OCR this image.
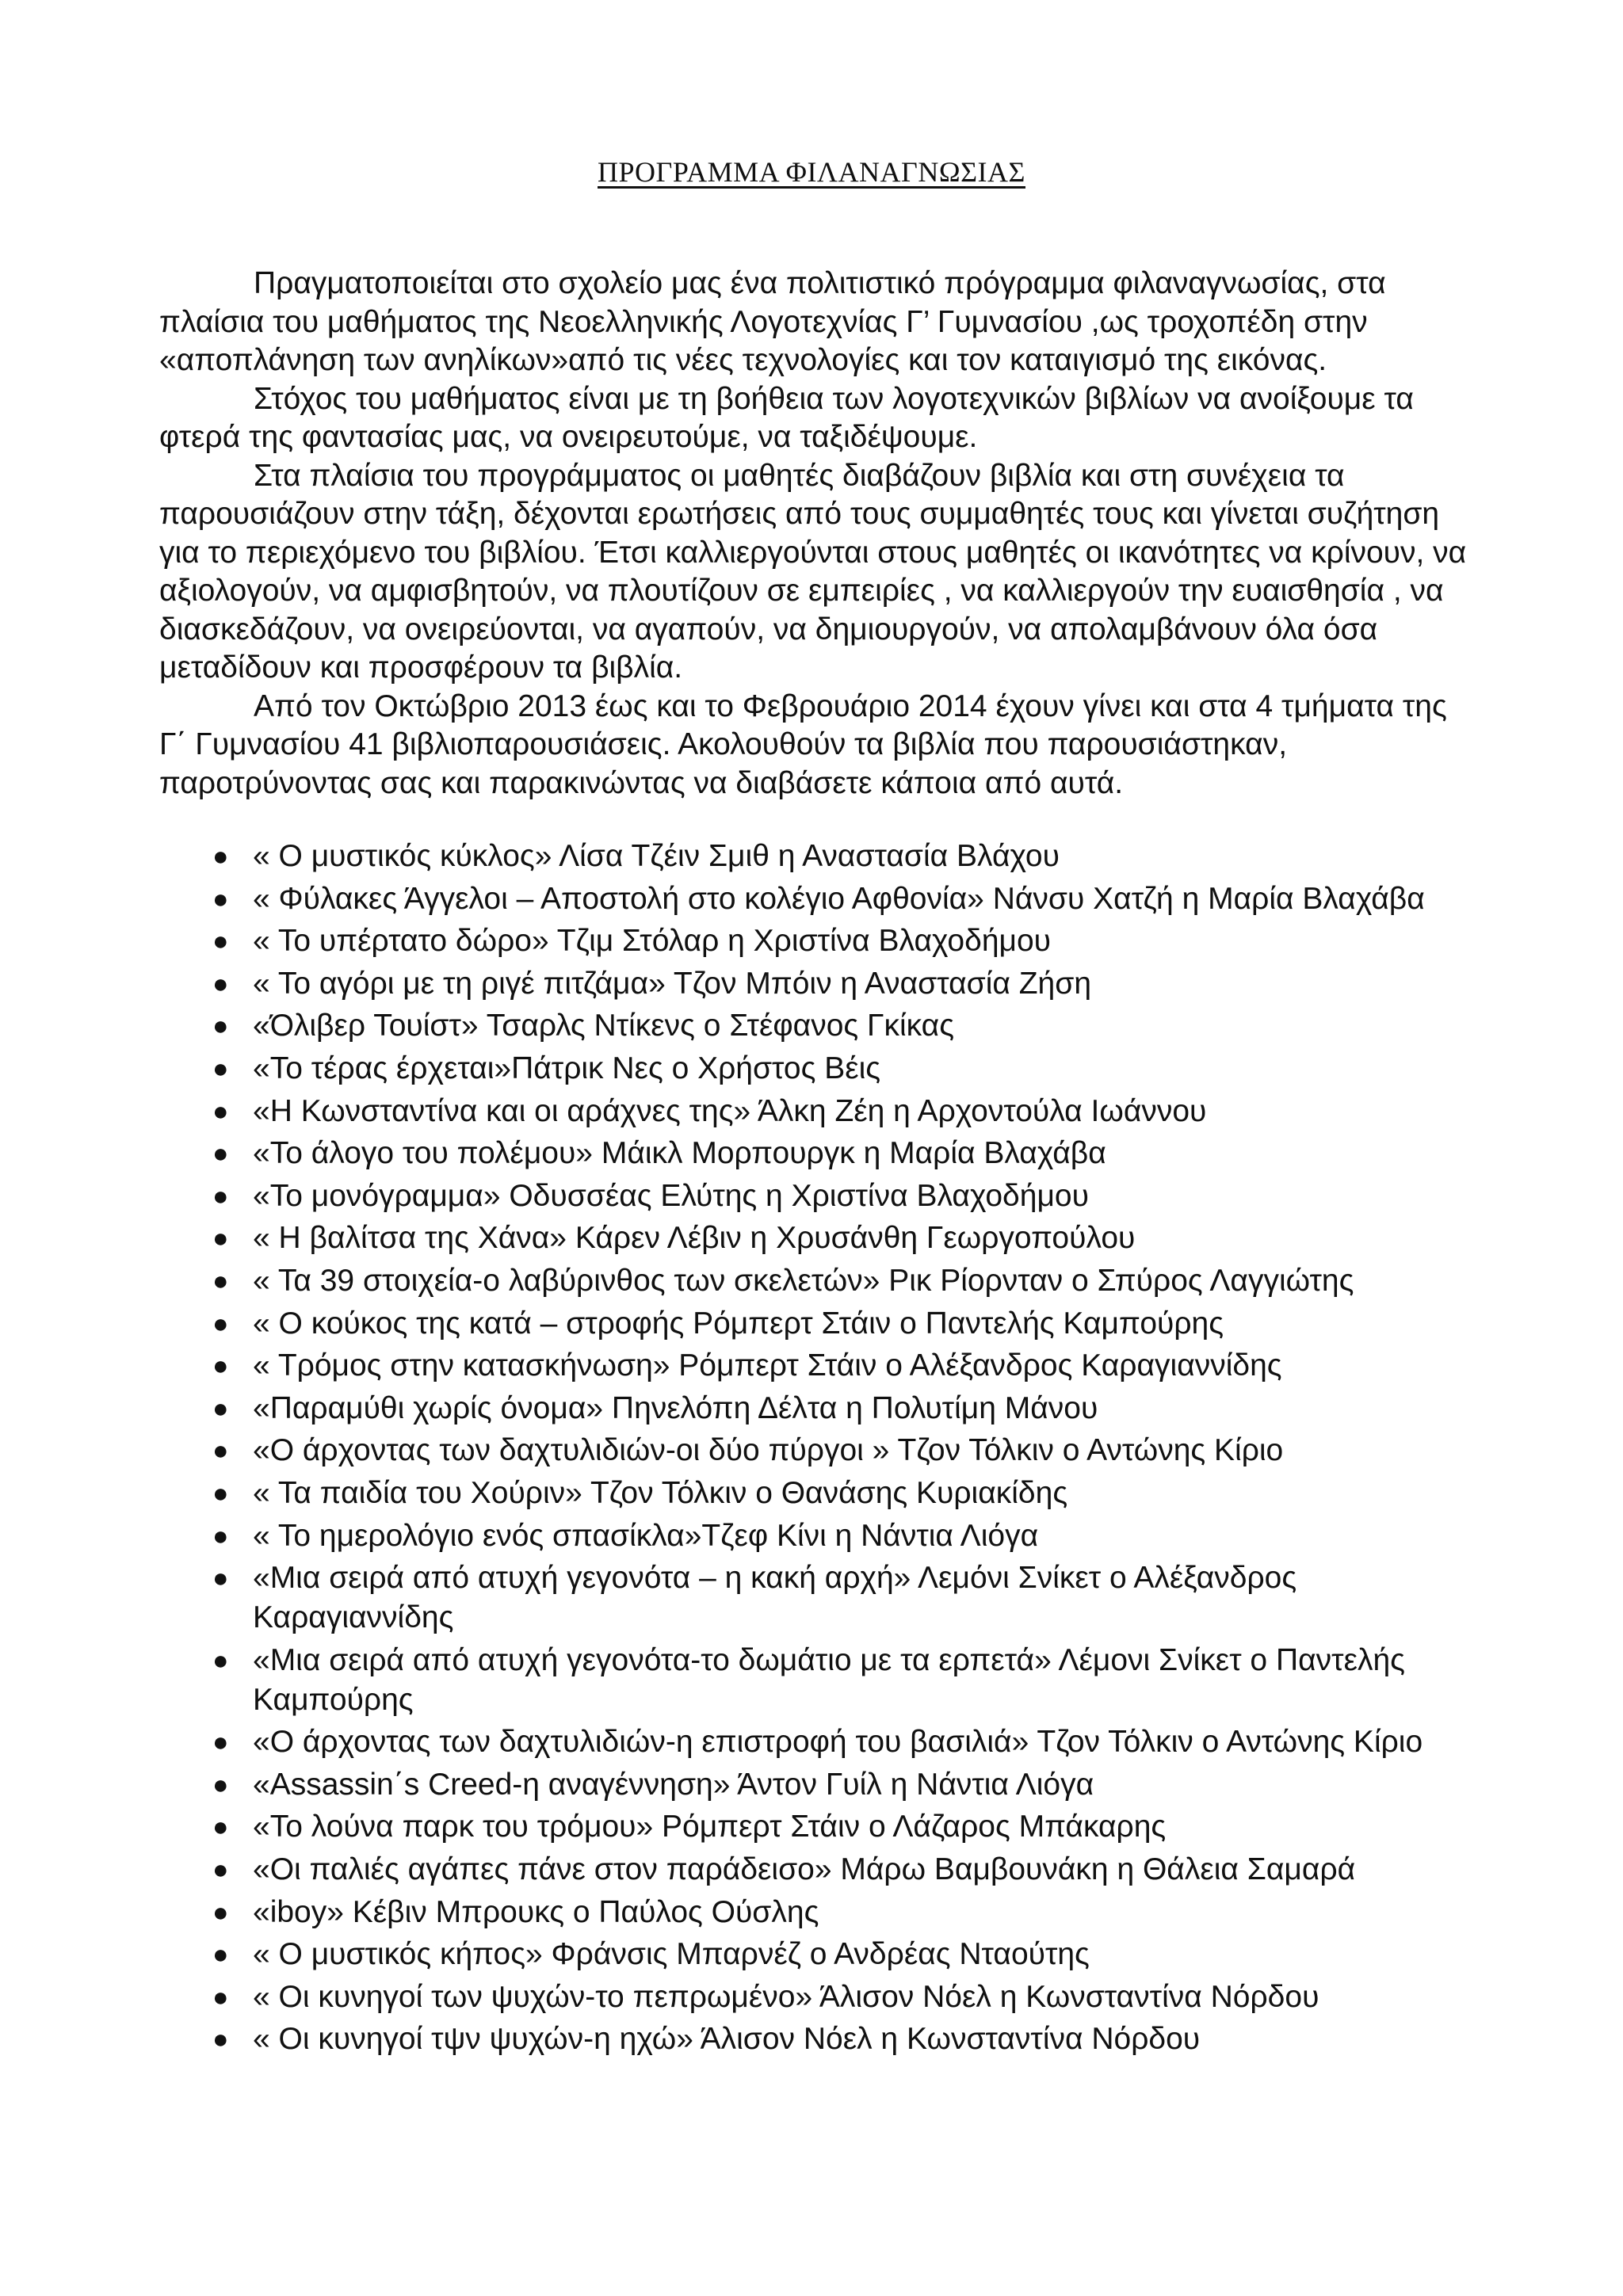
ΠΡΟΓΡΑΜΜΑ ΦΙΛΑΝΑΓΝΩΣΙΑΣ

Πραγματοποιείται στο σχολείο μας ένα πολιτιστικό πρόγραμμα φιλαναγνωσίας, στα πλαίσια του μαθήματος της Νεοελληνικής Λογοτεχνίας Γ’ Γυμνασίου ,ως τροχοπέδη στην «αποπλάνηση των ανηλίκων»από τις νέες τεχνολογίες και τον καταιγισμό της εικόνας.

Στόχος του μαθήματος είναι με τη βοήθεια των λογοτεχνικών βιβλίων να ανοίξουμε τα φτερά της φαντασίας μας, να ονειρευτούμε, να ταξιδέψουμε.

Στα πλαίσια του προγράμματος οι μαθητές διαβάζουν βιβλία και στη συνέχεια τα παρουσιάζουν στην τάξη, δέχονται ερωτήσεις από τους συμμαθητές τους και γίνεται συζήτηση για το περιεχόμενο του βιβλίου. Έτσι καλλιεργούνται στους μαθητές οι ικανότητες να κρίνουν, να αξιολογούν, να αμφισβητούν, να πλουτίζουν σε εμπειρίες , να καλλιεργούν την ευαισθησία , να διασκεδάζουν, να ονειρεύονται, να αγαπούν, να δημιουργούν, να απολαμβάνουν όλα όσα μεταδίδουν και προσφέρουν τα βιβλία.

Από τον Οκτώβριο 2013 έως και το Φεβρουάριο 2014 έχουν γίνει και στα 4 τμήματα της Γ΄ Γυμνασίου 41 βιβλιοπαρουσιάσεις. Ακολουθούν τα βιβλία που παρουσιάστηκαν, παροτρύνοντας σας και παρακινώντας να διαβάσετε κάποια από αυτά.

● « Ο μυστικός κύκλος» Λίσα Τζέιν Σμιθ η Αναστασία Βλάχου
● « Φύλακες Άγγελοι – Αποστολή στο κολέγιο Αφθονία» Νάνσυ Χατζή η Μαρία Βλαχάβα
● « Το υπέρτατο δώρο» Τζιμ Στόλαρ η Χριστίνα Βλαχοδήμου
● « Το αγόρι με τη ριγέ πιτζάμα» Τζον Μπόιν η Αναστασία Ζήση
● «Όλιβερ Τουίστ» Τσαρλς Ντίκενς ο Στέφανος Γκίκας
● «Το τέρας έρχεται»Πάτρικ Νες ο Χρήστος Βέις
● «Η Κωνσταντίνα και οι αράχνες της» Άλκη Ζέη η Αρχοντούλα Ιωάννου
● «Το άλογο του πολέμου» Μάικλ Μορπουργκ η Μαρία Βλαχάβα
● «Το μονόγραμμα» Οδυσσέας Ελύτης η Χριστίνα Βλαχοδήμου
● « Η βαλίτσα της Χάνα» Κάρεν Λέβιν η Χρυσάνθη Γεωργοπούλου
● « Τα 39 στοιχεία-ο λαβύρινθος των σκελετών» Ρικ Ρίορνταν ο Σπύρος Λαγγιώτης
● « Ο κούκος της κατά – στροφής Ρόμπερτ Στάιν ο Παντελής Καμπούρης
● « Τρόμος στην κατασκήνωση» Ρόμπερτ Στάιν ο Αλέξανδρος Καραγιαννίδης
● «Παραμύθι χωρίς όνομα» Πηνελόπη Δέλτα η Πολυτίμη Μάνου
● «Ο άρχοντας των δαχτυλιδιών-οι δύο πύργοι » Τζον Τόλκιν ο Αντώνης Κίριο
● « Τα παιδία του Χούριν» Τζον Τόλκιν ο Θανάσης Κυριακίδης
● « Το ημερολόγιο ενός σπασίκλα»Τζεφ Κίνι η Νάντια Λιόγα
● «Μια σειρά από ατυχή γεγονότα – η κακή αρχή» Λεμόνι Σνίκετ ο Αλέξανδρος Καραγιαννίδης
● «Μια σειρά από ατυχή γεγονότα-το δωμάτιο με τα ερπετά» Λέμονι Σνίκετ ο Παντελής Καμπούρης
● «Ο άρχοντας των δαχτυλιδιών-η επιστροφή του βασιλιά» Τζον Τόλκιν ο Αντώνης Κίριο
● «Assassin΄s Creed-η αναγέννηση» Άντον Γυίλ η Νάντια Λιόγα
● «Το λούνα παρκ του τρόμου» Ρόμπερτ Στάιν ο Λάζαρος Μπάκαρης
● «Οι παλιές αγάπες πάνε στον παράδεισο» Μάρω Βαμβουνάκη η Θάλεια Σαμαρά
● «iboy» Κέβιν Μπρουκς ο Παύλος Ούσλης
● « Ο μυστικός κήπος» Φράνσις Μπαρνέζ ο Ανδρέας Νταούτης
● « Οι κυνηγοί των ψυχών-το πεπρωμένο» Άλισον Νόελ η Κωνσταντίνα Νόρδου
● « Οι κυνηγοί τψν ψυχών-η ηχώ» Άλισον Νόελ η Κωνσταντίνα Νόρδου
